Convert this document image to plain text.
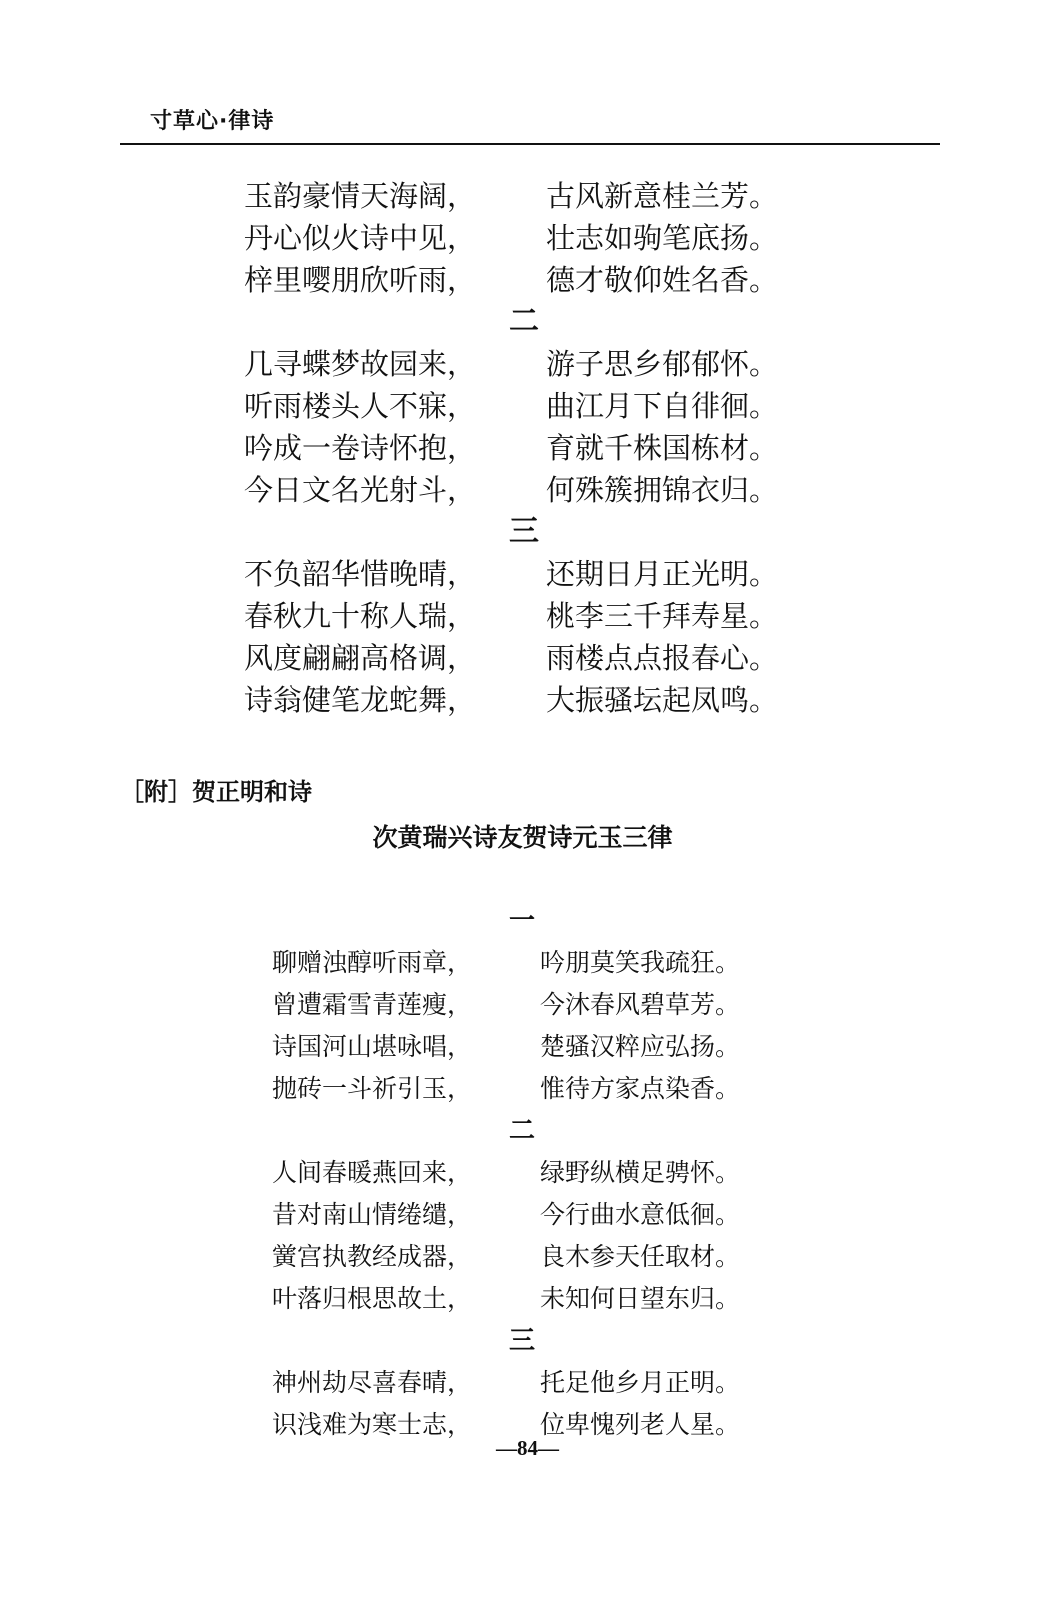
寸草心·律诗
玉韵豪情天海阔，	古风新意桂兰芳。
丹心似火诗中见，	壮志如驹笔底扬。
梓里嘤朋欣听雨，	德才敬仰姓名香。
二
几寻蝶梦故园来，	游子思乡郁郁怀。
听雨楼头人不寐，	曲江月下自徘徊。
吟成一卷诗怀抱，	育就千株国栋材。
今日文名光射斗，	何殊簇拥锦衣归。
三
不负韶华惜晚晴，	还期日月正光明。
春秋九十称人瑞，	桃李三千拜寿星。
风度翩翩高格调，	雨楼点点报春心。
诗翁健笔龙蛇舞，	大振骚坛起凤鸣。
［附］贺正明和诗
次黄瑞兴诗友贺诗元玉三律
一
聊赠浊醇听雨章，	吟朋莫笑我疏狂。
曾遭霜雪青莲瘦，	今沐春风碧草芳。
诗国河山堪咏唱，	楚骚汉粹应弘扬。
抛砖一斗祈引玉，	惟待方家点染香。
二
人间春暖燕回来，	绿野纵横足骋怀。
昔对南山情绻缱，	今行曲水意低徊。
黉宫执教经成器，	良木参天任取材。
叶落归根思故土，	未知何日望东归。
三
神州劫尽喜春晴，	托足他乡月正明。
识浅难为寒士志，	位卑愧列老人星。
—84—
